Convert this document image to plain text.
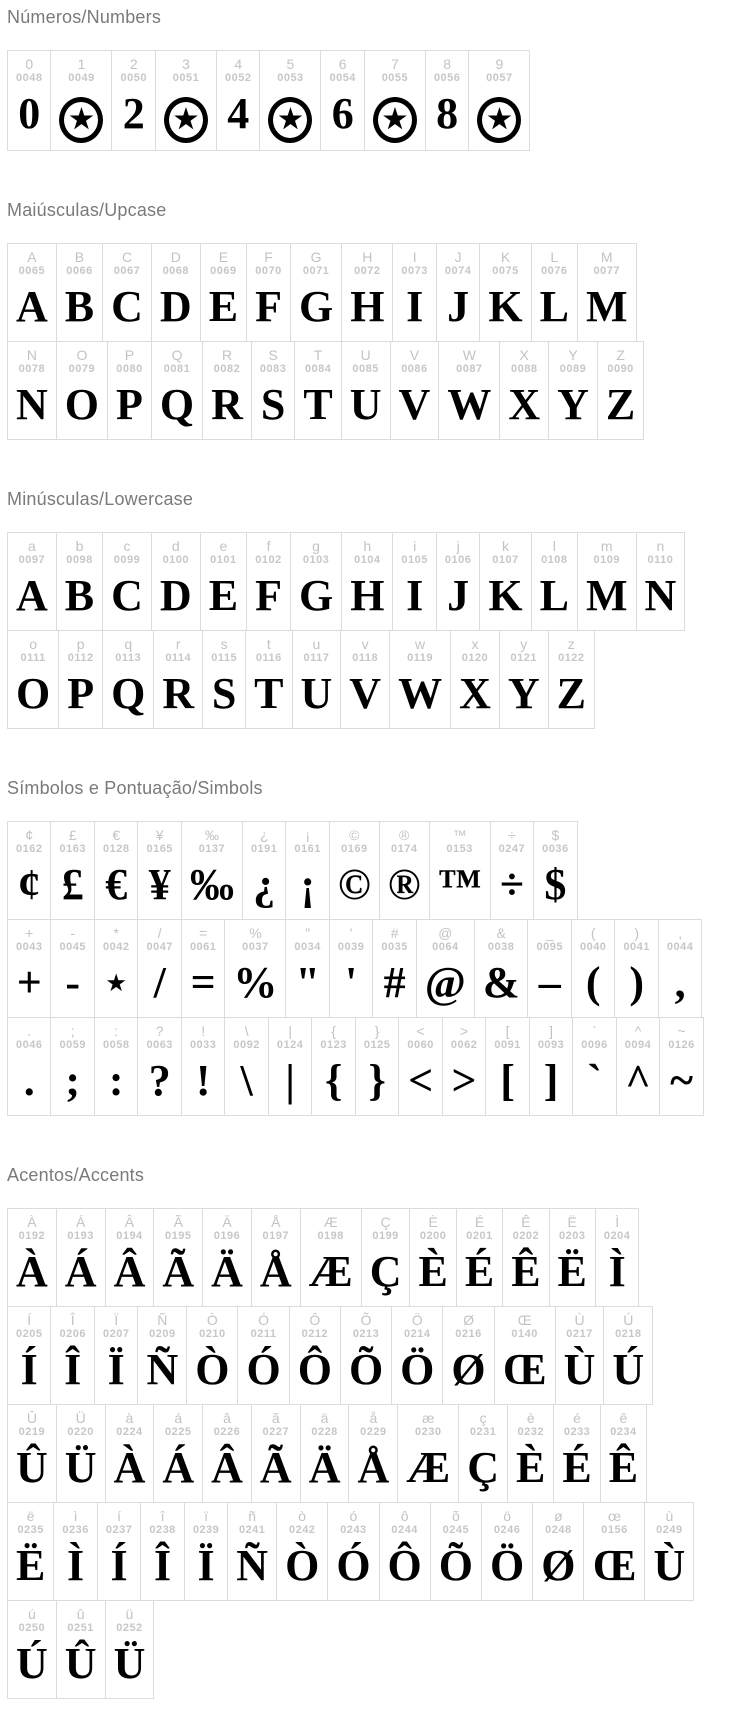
Números/Numbers
0
0048
0
1
0049
★
2
0050
2
3
0051
★
4
0052
4
5
0053
★
6
0054
6
7
0055
★
8
0056
8
9
0057
★
Maiúsculas/Upcase
A
0065
A
B
0066
B
C
0067
C
D
0068
D
E
0069
E
F
0070
F
G
0071
G
H
0072
H
I
0073
I
J
0074
J
K
0075
K
L
0076
L
M
0077
M
N
0078
N
O
0079
O
P
0080
P
Q
0081
Q
R
0082
R
S
0083
S
T
0084
T
U
0085
U
V
0086
V
W
0087
W
X
0088
X
Y
0089
Y
Z
0090
Z
Minúsculas/Lowercase
a
0097
A
b
0098
B
c
0099
C
d
0100
D
e
0101
E
f
0102
F
g
0103
G
h
0104
H
i
0105
I
j
0106
J
k
0107
K
l
0108
L
m
0109
M
n
0110
N
o
0111
O
p
0112
P
q
0113
Q
r
0114
R
s
0115
S
t
0116
T
u
0117
U
v
0118
V
w
0119
W
x
0120
X
y
0121
Y
z
0122
Z
Símbolos e Pontuação/Simbols
¢
0162
¢
£
0163
£
€
0128
€
¥
0165
¥
‰
0137
‰
¿
0191
¿
¡
0161
¡
©
0169
©
®
0174
®
™
0153
™
÷
0247
÷
$
0036
$
+
0043
+
-
0045
-
*
0042
★
/
0047
/
=
0061
=
%
0037
%
"
0034
"
'
0039
'
#
0035
#
@
0064
@
&
0038
&
_
0095
–
(
0040
(
)
0041
)
,
0044
,
.
0046
.
;
0059
;
:
0058
:
?
0063
?
!
0033
!
\
0092
\
|
0124
|
{
0123
{
}
0125
}
<
0060
<
>
0062
>
[
0091
[
]
0093
]
`
0096
`
^
0094
^
~
0126
~
Acentos/Accents
À
0192
À
Á
0193
Á
Â
0194
Â
Ã
0195
Ã
Ä
0196
Ä
Å
0197
Å
Æ
0198
Æ
Ç
0199
Ç
È
0200
È
É
0201
É
Ê
0202
Ê
Ë
0203
Ë
Ì
0204
Ì
Í
0205
Í
Î
0206
Î
Ï
0207
Ï
Ñ
0209
Ñ
Ò
0210
Ò
Ó
0211
Ó
Ô
0212
Ô
Õ
0213
Õ
Ö
0214
Ö
Ø
0216
Ø
Œ
0140
Œ
Ù
0217
Ù
Ú
0218
Ú
Û
0219
Û
Ü
0220
Ü
à
0224
À
á
0225
Á
â
0226
Â
ã
0227
Ã
ä
0228
Ä
å
0229
Å
æ
0230
Æ
ç
0231
Ç
è
0232
È
é
0233
É
ê
0234
Ê
ë
0235
Ë
ì
0236
Ì
í
0237
Í
î
0238
Î
ï
0239
Ï
ñ
0241
Ñ
ò
0242
Ò
ó
0243
Ó
ô
0244
Ô
õ
0245
Õ
ö
0246
Ö
ø
0248
Ø
œ
0156
Œ
ù
0249
Ù
ú
0250
Ú
û
0251
Û
ü
0252
Ü
